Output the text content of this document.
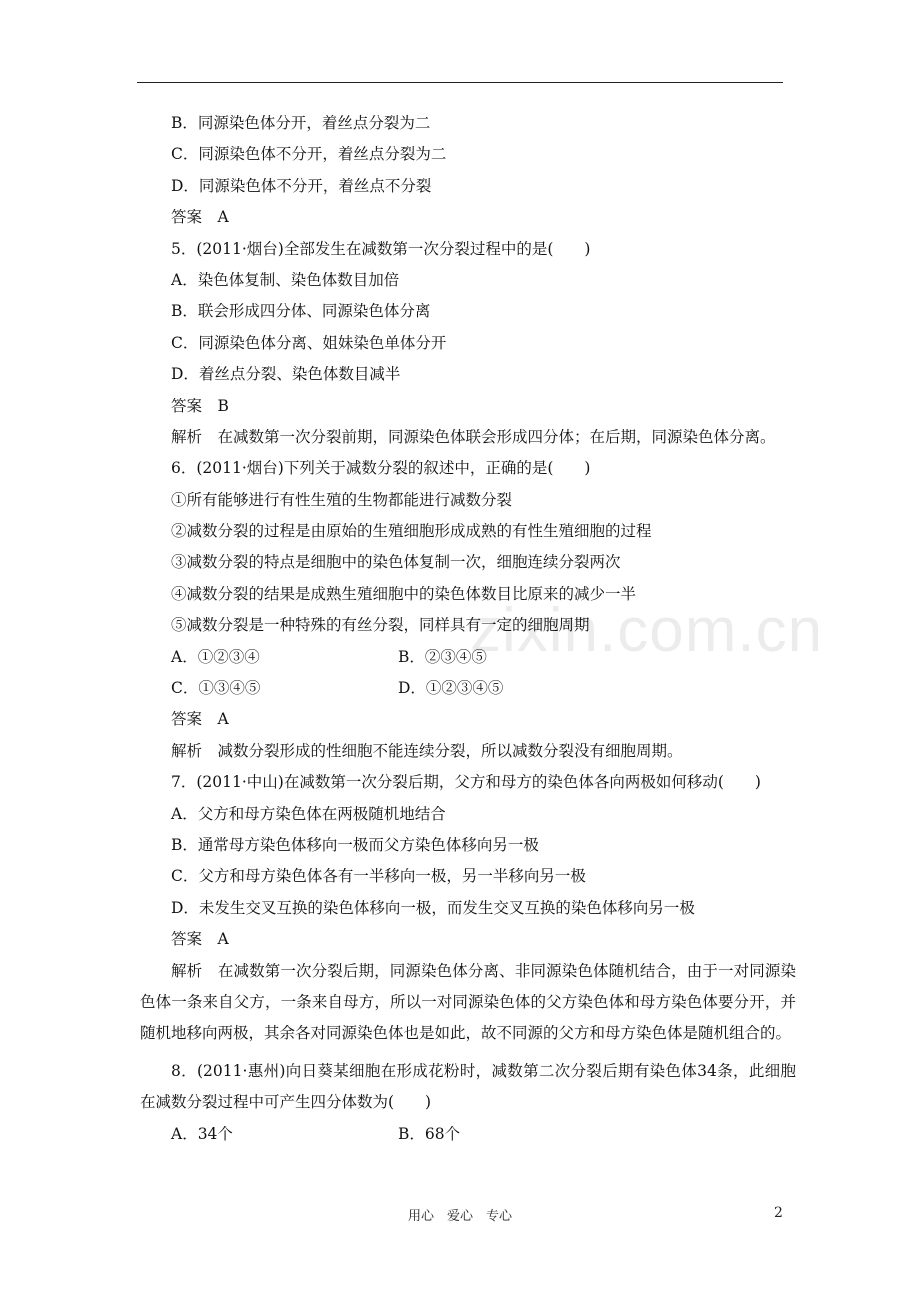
B．同源染色体分开，着丝点分裂为二
C．同源染色体不分开，着丝点分裂为二
D．同源染色体不分开，着丝点不分裂
答案　A
5．(2011·烟台)全部发生在减数第一次分裂过程中的是(　　)
A．染色体复制、染色体数目加倍
B．联会形成四分体、同源染色体分离
C．同源染色体分离、姐妹染色单体分开
D．着丝点分裂、染色体数目减半
答案　B
解析　在减数第一次分裂前期，同源染色体联会形成四分体；在后期，同源染色体分离。
6．(2011·烟台)下列关于减数分裂的叙述中，正确的是(　　)
①所有能够进行有性生殖的生物都能进行减数分裂
②减数分裂的过程是由原始的生殖细胞形成成熟的有性生殖细胞的过程
③减数分裂的特点是细胞中的染色体复制一次，细胞连续分裂两次
④减数分裂的结果是成熟生殖细胞中的染色体数目比原来的减少一半
⑤减数分裂是一种特殊的有丝分裂，同样具有一定的细胞周期
A．①②③④	B．②③④⑤
C．①③④⑤	D．①②③④⑤
答案　A
解析　减数分裂形成的性细胞不能连续分裂，所以减数分裂没有细胞周期。
7．(2011·中山)在减数第一次分裂后期，父方和母方的染色体各向两极如何移动(　　)
A．父方和母方染色体在两极随机地结合
B．通常母方染色体移向一极而父方染色体移向另一极
C．父方和母方染色体各有一半移向一极，另一半移向另一极
D．未发生交叉互换的染色体移向一极，而发生交叉互换的染色体移向另一极
答案　A
解析　在减数第一次分裂后期，同源染色体分离、非同源染色体随机结合，由于一对同源染色体一条来自父方，一条来自母方，所以一对同源染色体的父方染色体和母方染色体要分开，并随机地移向两极，其余各对同源染色体也是如此，故不同源的父方和母方染色体是随机组合的。
8．(2011·惠州)向日葵某细胞在形成花粉时，减数第二次分裂后期有染色体34条，此细胞在减数分裂过程中可产生四分体数为(　　)
A．34个	B．68个
zixin.com.cn
用心　爱心　专心	2
